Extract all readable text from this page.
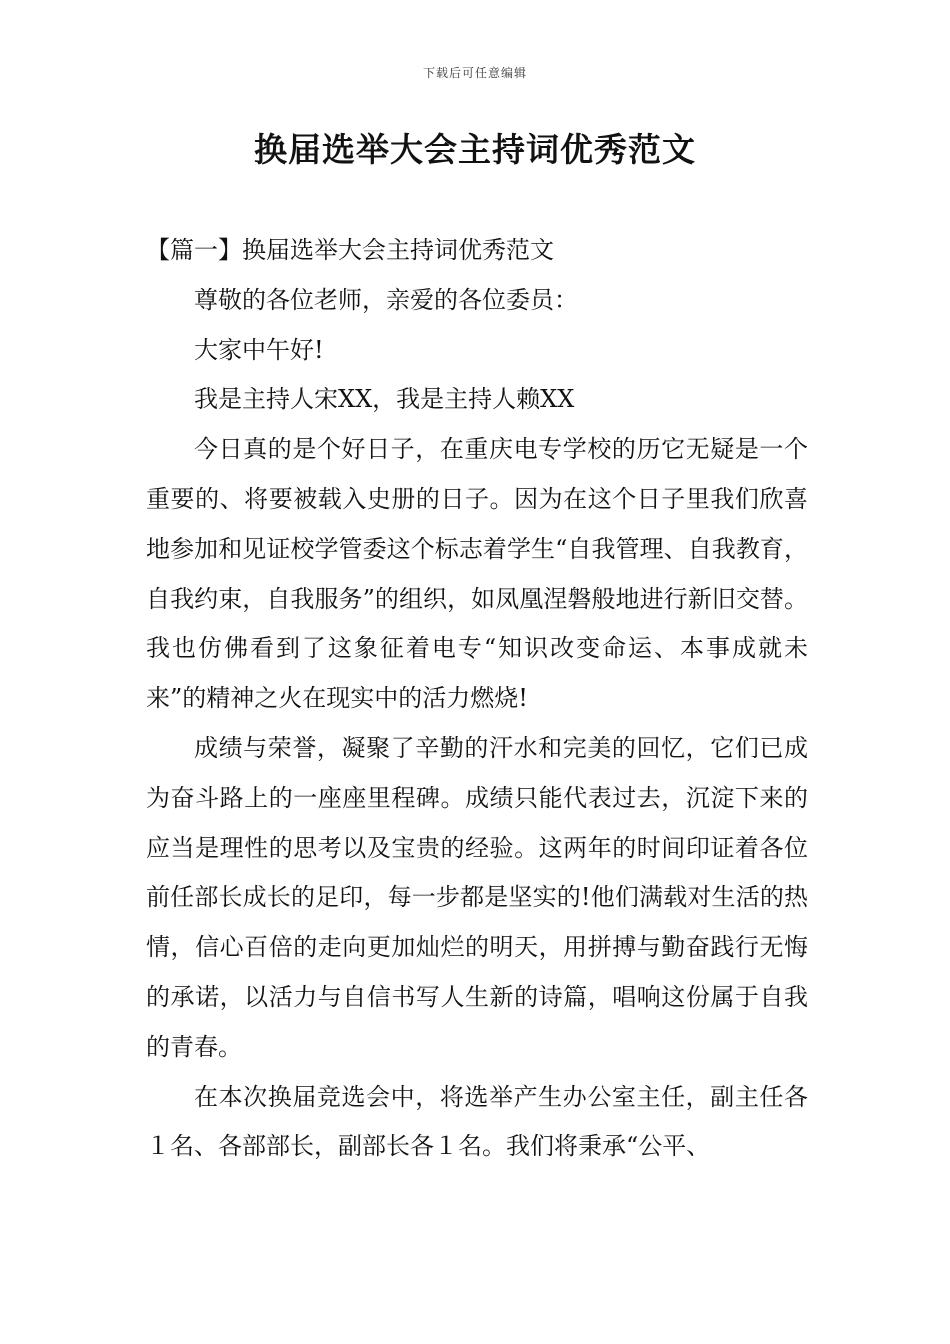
下载后可任意编辑
换届选举大会主持词优秀范文

【篇一】换届选举大会主持词优秀范文

尊敬的各位老师，亲爱的各位委员：

大家中午好!

我是主持人宋XX，我是主持人赖XX

今日真的是个好日子，在重庆电专学校的历它无疑是一个重要的、将要被载入史册的日子。因为在这个日子里我们欣喜地参加和见证校学管委这个标志着学生“自我管理、自我教育，自我约束，自我服务”的组织，如凤凰涅磐般地进行新旧交替。我也仿佛看到了这象征着电专“知识改变命运、本事成就未来”的精神之火在现实中的活力燃烧!

成绩与荣誉，凝聚了辛勤的汗水和完美的回忆，它们已成为奋斗路上的一座座里程碑。成绩只能代表过去，沉淀下来的应当是理性的思考以及宝贵的经验。这两年的时间印证着各位前任部长成长的足印，每一步都是坚实的!他们满载对生活的热情，信心百倍的走向更加灿烂的明天，用拼搏与勤奋践行无悔的承诺，以活力与自信书写人生新的诗篇，唱响这份属于自我的青春。

在本次换届竞选会中，将选举产生办公室主任，副主任各１名、各部部长，副部长各１名。我们将秉承“公平、
